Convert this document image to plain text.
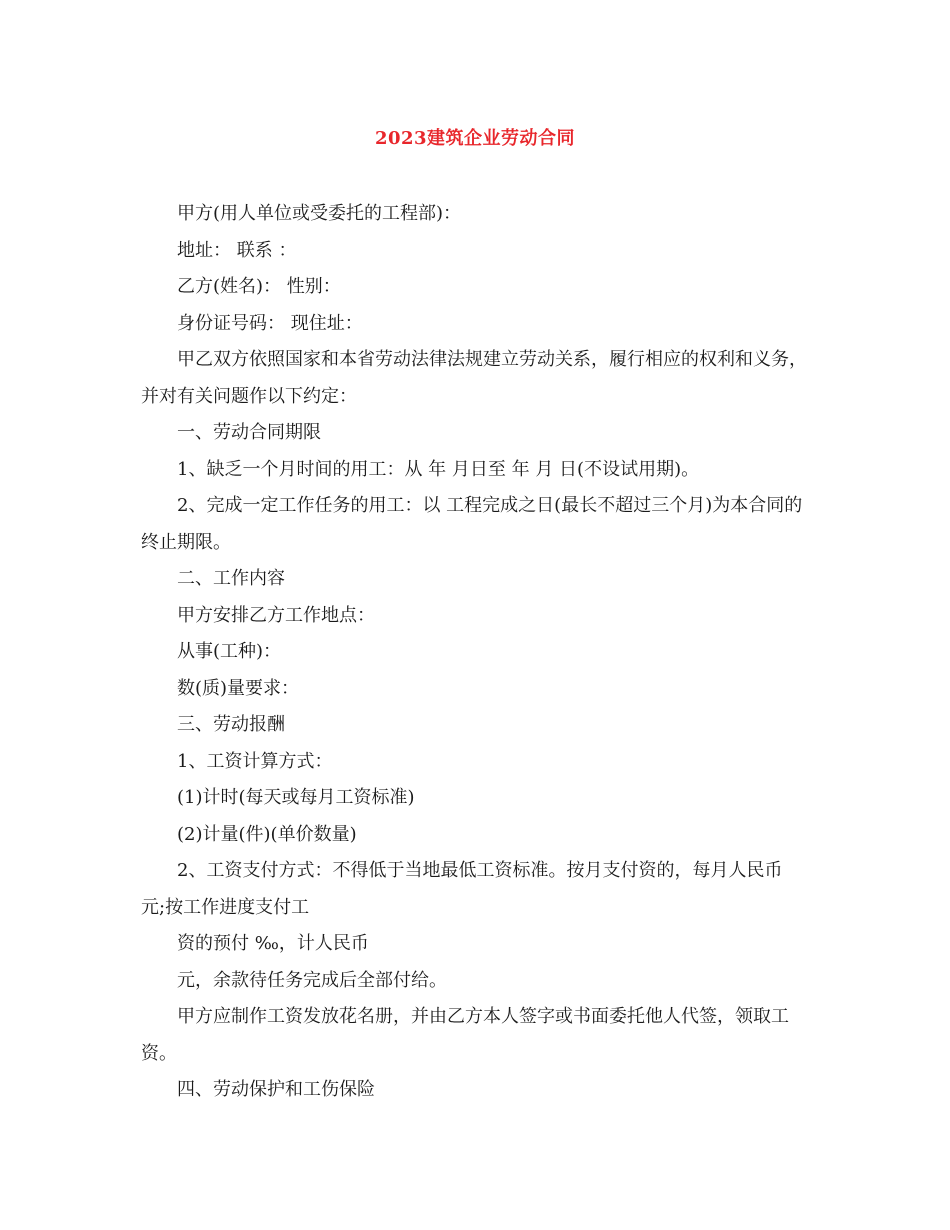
2023建筑企业劳动合同

甲方(用人单位或受委托的工程部)：

地址： 联系 ：

乙方(姓名)： 性别：

身份证号码： 现住址：

甲乙双方依照国家和本省劳动法律法规建立劳动关系，履行相应的权利和义务，并对有关问题作以下约定：

一、劳动合同期限

1、缺乏一个月时间的用工：从 年 月日至 年 月 日(不设试用期)。

2、完成一定工作任务的用工：以 工程完成之日(最长不超过三个月)为本合同的终止期限。

二、工作内容

甲方安排乙方工作地点：

从事(工种)：

数(质)量要求：

三、劳动报酬

1、工资计算方式：

(1)计时(每天或每月工资标准)

(2)计量(件)(单价数量)

2、工资支付方式：不得低于当地最低工资标准。按月支付资的，每月人民币

元;按工作进度支付工

资的预付 ‰，计人民币

元，余款待任务完成后全部付给。

甲方应制作工资发放花名册，并由乙方本人签字或书面委托他人代签，领取工资。

四、劳动保护和工伤保险
